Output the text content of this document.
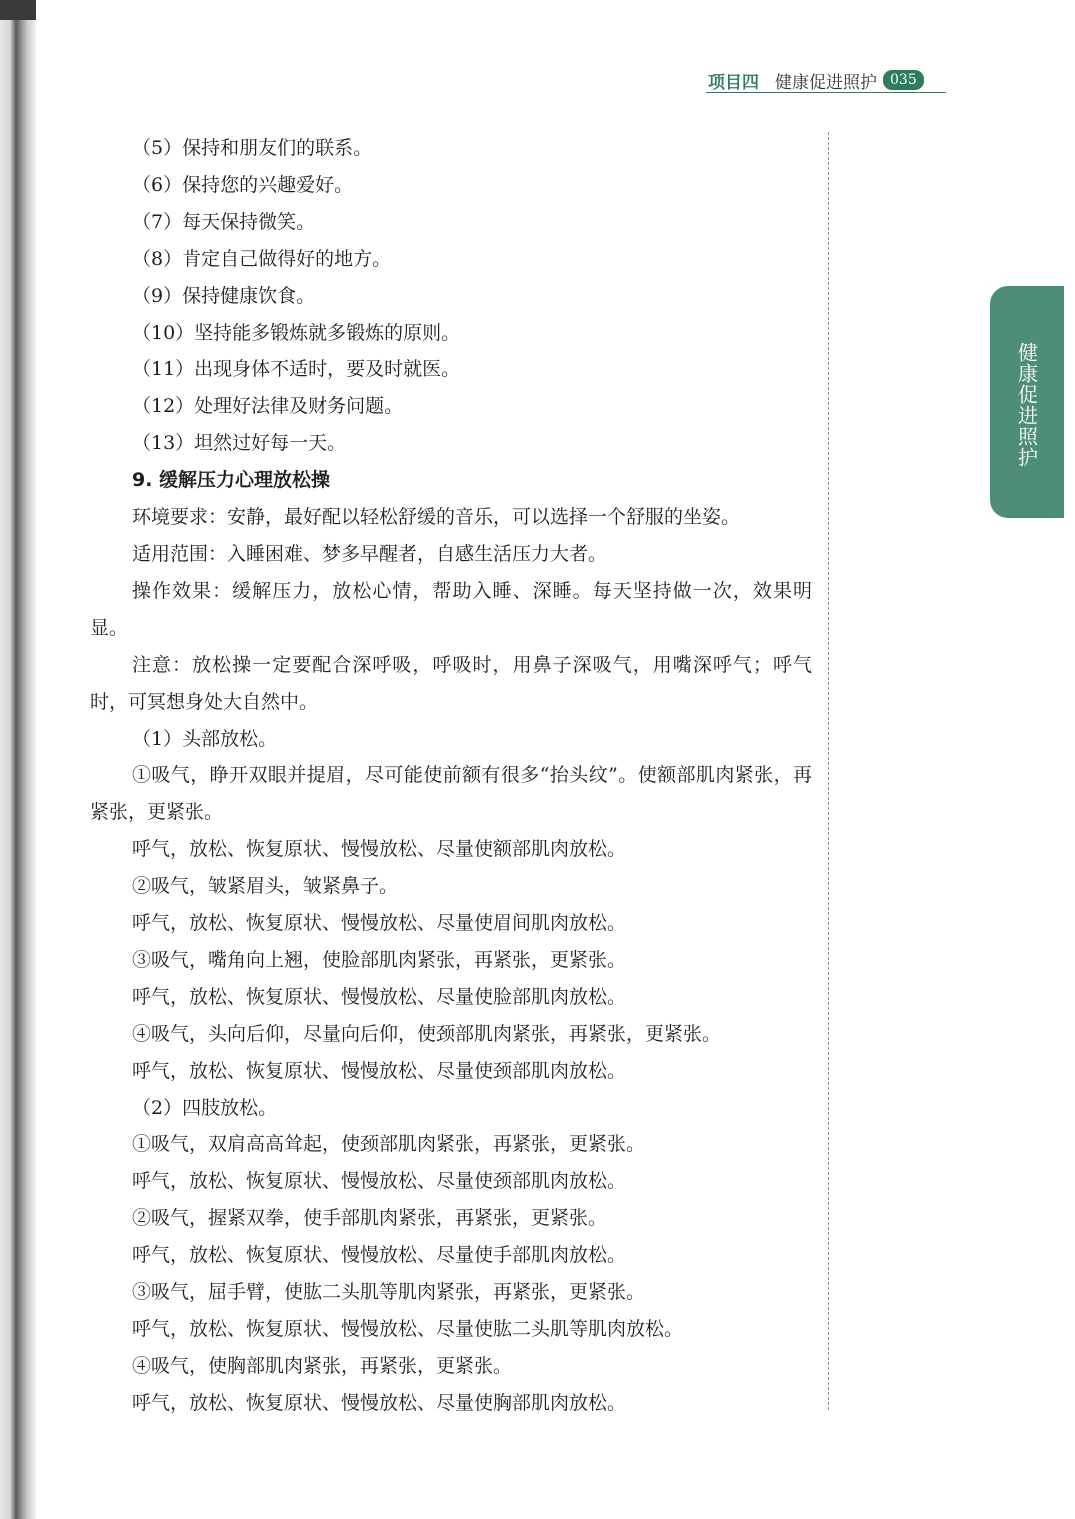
项目四 健康促进照护 035
健康促进照护
（5）保持和朋友们的联系。
（6）保持您的兴趣爱好。
（7）每天保持微笑。
（8）肯定自己做得好的地方。
（9）保持健康饮食。
（10）坚持能多锻炼就多锻炼的原则。
（11）出现身体不适时，要及时就医。
（12）处理好法律及财务问题。
（13）坦然过好每一天。
9. 缓解压力心理放松操
环境要求：安静，最好配以轻松舒缓的音乐，可以选择一个舒服的坐姿。
适用范围：入睡困难、梦多早醒者，自感生活压力大者。
操作效果：缓解压力，放松心情，帮助入睡、深睡。每天坚持做一次，效果明显。
注意：放松操一定要配合深呼吸，呼吸时，用鼻子深吸气，用嘴深呼气；呼气时，可冥想身处大自然中。
（1）头部放松。
①吸气，睁开双眼并提眉，尽可能使前额有很多“抬头纹”。使额部肌肉紧张，再紧张，更紧张。
呼气，放松、恢复原状、慢慢放松、尽量使额部肌肉放松。
②吸气，皱紧眉头，皱紧鼻子。
呼气，放松、恢复原状、慢慢放松、尽量使眉间肌肉放松。
③吸气，嘴角向上翘，使脸部肌肉紧张，再紧张，更紧张。
呼气，放松、恢复原状、慢慢放松、尽量使脸部肌肉放松。
④吸气，头向后仰，尽量向后仰，使颈部肌肉紧张，再紧张，更紧张。
呼气，放松、恢复原状、慢慢放松、尽量使颈部肌肉放松。
（2）四肢放松。
①吸气，双肩高高耸起，使颈部肌肉紧张，再紧张，更紧张。
呼气，放松、恢复原状、慢慢放松、尽量使颈部肌肉放松。
②吸气，握紧双拳，使手部肌肉紧张，再紧张，更紧张。
呼气，放松、恢复原状、慢慢放松、尽量使手部肌肉放松。
③吸气，屈手臂，使肱二头肌等肌肉紧张，再紧张，更紧张。
呼气，放松、恢复原状、慢慢放松、尽量使肱二头肌等肌肉放松。
④吸气，使胸部肌肉紧张，再紧张，更紧张。
呼气，放松、恢复原状、慢慢放松、尽量使胸部肌肉放松。
